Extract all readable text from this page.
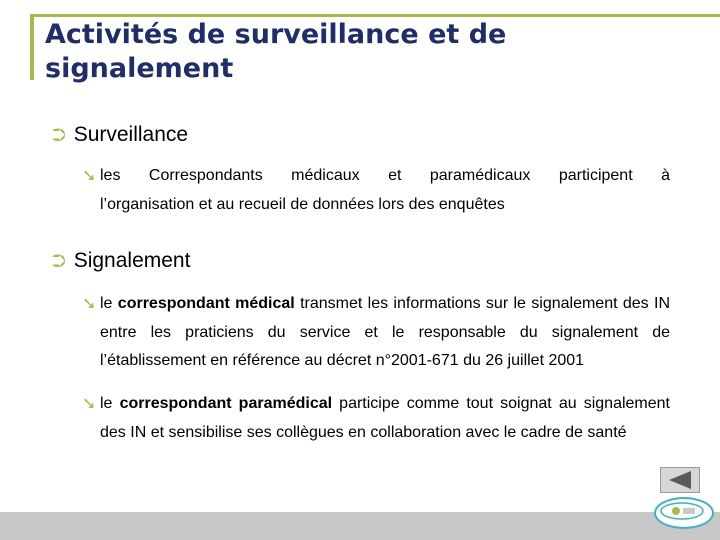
Activités de surveillance et de signalement
⮊ Surveillance
➘ les Correspondants médicaux et paramédicaux participent à
l’organisation et au recueil de données lors des enquêtes
⮊ Signalement
➘ le correspondant médical transmet les informations sur le signalement des IN entre les praticiens du service et le responsable du signalement de l’établissement en référence au décret n°2001-671 du 26 juillet 2001
➘ le correspondant paramédical participe comme tout soignat au signalement des IN et sensibilise ses collègues en collaboration avec le cadre de santé
